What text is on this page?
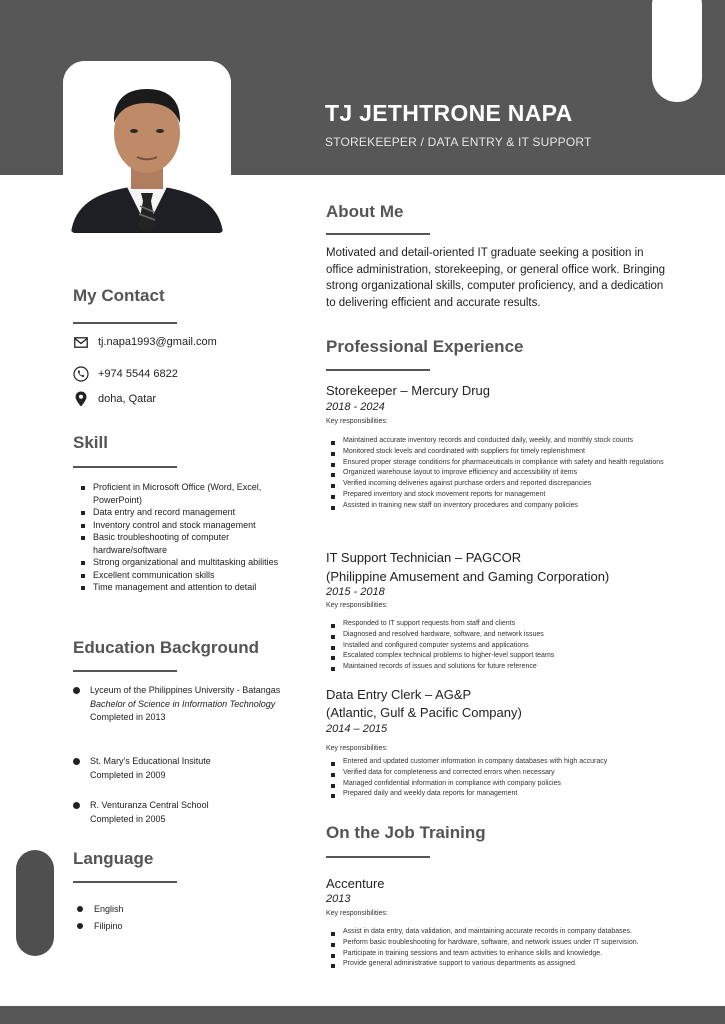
TJ JETHTRONE NAPA
STOREKEEPER / DATA ENTRY & IT SUPPORT
My Contact
tj.napa1993@gmail.com
+974 5544 6822
doha, Qatar
Skill
Proficient in Microsoft Office (Word, Excel, PowerPoint)
Data entry and record management
Inventory control and stock management
Basic troubleshooting of computer hardware/software
Strong organizational and multitasking abilities
Excellent communication skills
Time management and attention to detail
Education Background
Lyceum of the Philippines University - Batangas
Bachelor of Science in Information Technology
Completed in 2013
St. Mary's Educational Insitute
Completed in 2009
R. Venturanza Central School
Completed in 2005
Language
English
Filipino
About Me
Motivated and detail-oriented IT graduate seeking a position in office administration, storekeeping, or general office work. Bringing strong organizational skills, computer proficiency, and a dedication to delivering efficient and accurate results.
Professional Experience
Storekeeper – Mercury Drug
2018 - 2024
Key responsibilities:
Maintained accurate inventory records and conducted daily, weekly, and monthly stock counts
Monitored stock levels and coordinated with suppliers for timely replenishment
Ensured proper storage conditions for pharmaceuticals in compliance with safety and health regulations
Organized warehouse layout to improve efficiency and accessibility of items
Verified incoming deliveries against purchase orders and reported discrepancies
Prepared inventory and stock movement reports for management
Assisted in training new staff on inventory procedures and company policies
IT Support Technician – PAGCOR
(Philippine Amusement and Gaming Corporation)
2015 - 2018
Key responsibilities:
Responded to IT support requests from staff and clients
Diagnosed and resolved hardware, software, and network issues
Installed and configured computer systems and applications
Escalated complex technical problems to higher-level support teams
Maintained records of issues and solutions for future reference
Data Entry Clerk – AG&P
(Atlantic, Gulf & Pacific Company)
2014 – 2015
Key responsibilities:
Entered and updated customer information in company databases with high accuracy
Verified data for completeness and corrected errors when necessary
Managed confidential information in compliance with company policies
Prepared daily and weekly data reports for management
On the Job Training
Accenture
2013
Key responsibilities:
Assist in data entry, data validation, and maintaining accurate records in company databases.
Perform basic troubleshooting for hardware, software, and network issues under IT supervision.
Participate in training sessions and team activities to enhance skills and knowledge.
Provide general administrative support to various departments as assigned.
